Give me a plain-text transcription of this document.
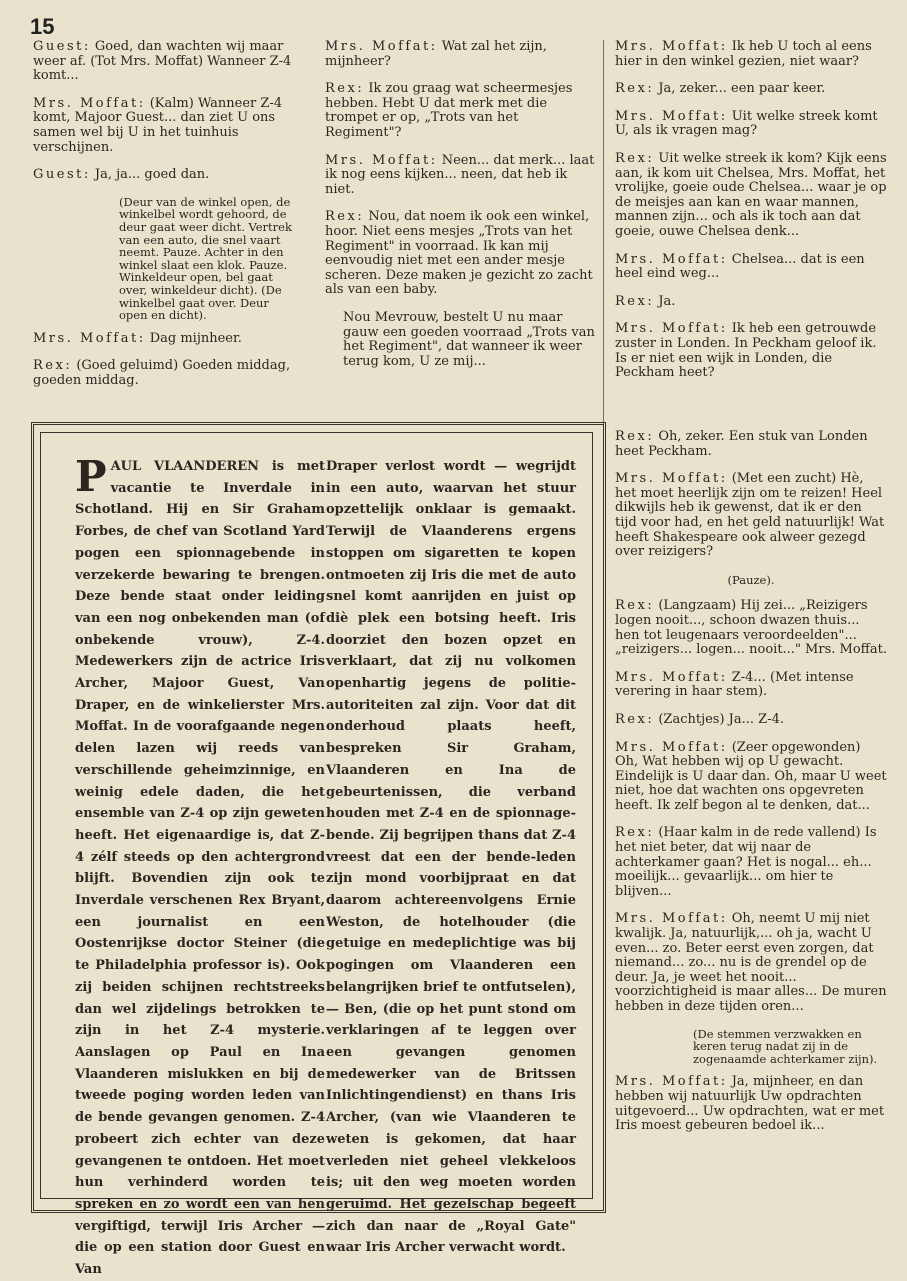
15

Guest: Goed, dan wachten wij maar weer af. (Tot Mrs. Moffat) Wanneer Z-4 komt...

Mrs. Moffat: (Kalm) Wanneer Z-4 komt, Majoor Guest... dan ziet U ons samen wel bij U in het tuinhuis verschijnen.

Guest: Ja, ja... goed dan.

(Deur van de winkel open, de winkelbel wordt gehoord, de deur gaat weer dicht. Vertrek van een auto, die snel vaart neemt. Pauze. Achter in den winkel slaat een klok. Pauze. Winkeldeur open, bel gaat over, winkeldeur dicht). (De winkelbel gaat over. Deur open en dicht).

Mrs. Moffat: Dag mijnheer.

Rex: (Goed geluimd) Goeden middag, goeden middag.

Mrs. Moffat: Wat zal het zijn, mijnheer?

Rex: Ik zou graag wat scheermesjes hebben. Hebt U dat merk met die trompet er op, „Trots van het Regiment"?

Mrs. Moffat: Neen... dat merk... laat ik nog eens kijken... neen, dat heb ik niet.

Rex: Nou, dat noem ik ook een winkel, hoor. Niet eens mesjes „Trots van het Regiment" in voorraad. Ik kan mij eenvoudig niet met een ander mesje scheren. Deze maken je gezicht zo zacht als van een baby.

Nou Mevrouw, bestelt U nu maar gauw een goeden voorraad „Trots van het Regiment", dat wanneer ik weer terug kom, U ze mij...

Mrs. Moffat: Ik heb U toch al eens hier in den winkel gezien, niet waar?

Rex: Ja, zeker... een paar keer.

Mrs. Moffat: Uit welke streek komt U, als ik vragen mag?

Rex: Uit welke streek ik kom? Kijk eens aan, ik kom uit Chelsea, Mrs. Moffat, het vrolijke, goeie oude Chelsea... waar je op de meisjes aan kan en waar mannen, mannen zijn... och als ik toch aan dat goeie, ouwe Chelsea denk...

Mrs. Moffat: Chelsea... dat is een heel eind weg...

Rex: Ja.

Mrs. Moffat: Ik heb een getrouwde zuster in Londen. In Peckham geloof ik. Is er niet een wijk in Londen, die Peckham heet?

Rex: Oh, zeker. Een stuk van Londen heet Peckham.

Mrs. Moffat: (Met een zucht) Hè, het moet heerlijk zijn om te reizen! Heel dikwijls heb ik gewenst, dat ik er den tijd voor had, en het geld natuurlijk! Wat heeft Shakespeare ook alweer gezegd over reizigers?

(Pauze).

Rex: (Langzaam) Hij zei... „Reizigers logen nooit..., schoon dwazen thuis... hen tot leugenaars veroordeelden"... „reizigers... logen... nooit..." Mrs. Moffat.

Mrs. Moffat: Z-4... (Met intense verering in haar stem).

Rex: (Zachtjes) Ja... Z-4.

Mrs. Moffat: (Zeer opgewonden) Oh, Wat hebben wij op U gewacht. Eindelijk is U daar dan. Oh, maar U weet niet, hoe dat wachten ons opgevreten heeft. Ik zelf begon al te denken, dat...

Rex: (Haar kalm in de rede vallend) Is het niet beter, dat wij naar de achterkamer gaan? Het is nogal... eh... moeilijk... gevaarlijk... om hier te blijven...

Mrs. Moffat: Oh, neemt U mij niet kwalijk. Ja, natuurlijk,... oh ja, wacht U even... zo. Beter eerst even zorgen, dat niemand... zo... nu is de grendel op de deur. Ja, je weet het nooit... voorzichtigheid is maar alles... De muren hebben in deze tijden oren...

(De stemmen verzwakken en keren terug nadat zij in de zogenaamde achterkamer zijn).

Mrs. Moffat: Ja, mijnheer, en dan hebben wij natuurlijk Uw opdrachten uitgevoerd... Uw opdrachten, wat er met Iris moest gebeuren bedoel ik...

PAUL VLAANDEREN is met vacantie te Inverdale in Schotland. Hij en Sir Graham Forbes, de chef van Scotland Yard pogen een spionnagebende in verzekerde bewaring te brengen. Deze bende staat onder leiding van een nog onbekenden man (of onbekende vrouw), Z-4. Medewerkers zijn de actrice Iris Archer, Majoor Guest, Van Draper, en de winkelierster Mrs. Moffat. In de voorafgaande negen delen lazen wij reeds van verschillende geheimzinnige, en weinig edele daden, die het ensemble van Z-4 op zijn geweten heeft. Het eigenaardige is, dat Z-4 zélf steeds op den achtergrond blijft. Bovendien zijn ook te Inverdale verschenen Rex Bryant, een journalist en een Oostenrijkse doctor Steiner (die te Philadelphia professor is). Ook zij beiden schijnen rechtstreeks dan wel zijdelings betrokken te zijn in het Z-4 mysterie. Aanslagen op Paul en Ina Vlaanderen mislukken en bij de tweede poging worden leden van de bende gevangen genomen. Z-4 probeert zich echter van deze gevangenen te ontdoen. Het moet hun verhinderd worden te spreken en zo wordt een van hen vergiftigd, terwijl Iris Archer — die op een station door Guest en Van
Draper verlost wordt — wegrijdt in een auto, waarvan het stuur opzettelijk onklaar is gemaakt. Terwijl de Vlaanderens ergens stoppen om sigaretten te kopen ontmoeten zij Iris die met de auto snel komt aanrijden en juist op diè plek een botsing heeft. Iris doorziet den bozen opzet en verklaart, dat zij nu volkomen openhartig jegens de politie-autoriteiten zal zijn. Voor dat dit onderhoud plaats heeft, bespreken Sir Graham, Vlaanderen en Ina de gebeurtenissen, die verband houden met Z-4 en de spionnage-bende. Zij begrijpen thans dat Z-4 vreest dat een der bende-leden zijn mond voorbijpraat en dat daarom achtereenvolgens Ernie Weston, de hotelhouder (die getuige en medeplichtige was bij pogingen om Vlaanderen een belangrijken brief te ontfutselen), — Ben, (die op het punt stond om verklaringen af te leggen over een gevangen genomen medewerker van de Britssen Inlichtingendienst) en thans Iris Archer, (van wie Vlaanderen te weten is gekomen, dat haar verleden niet geheel vlekkeloos is; uit den weg moeten worden geruimd. Het gezelschap begeeft zich dan naar de „Royal Gate" waar Iris Archer verwacht wordt.
